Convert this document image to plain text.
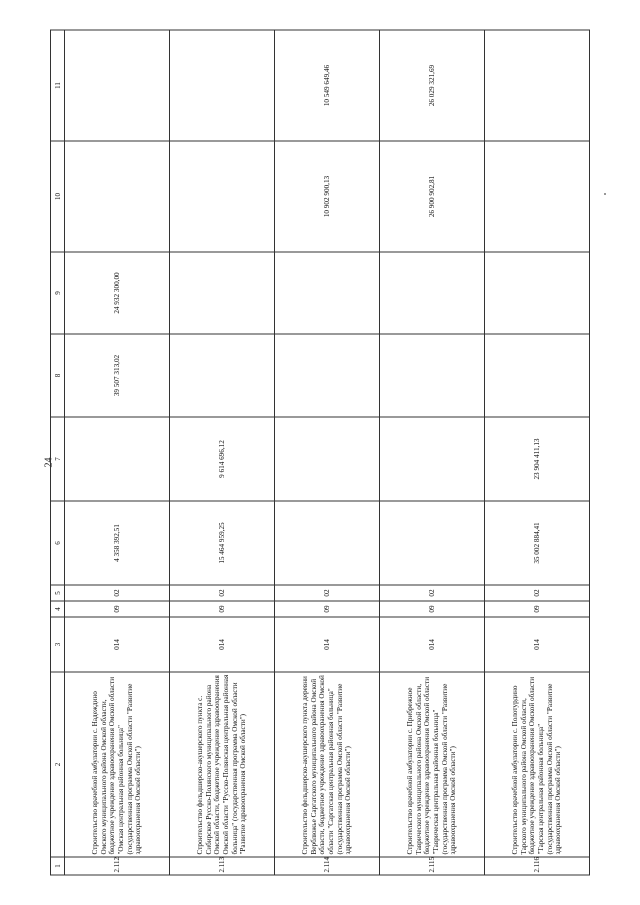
24
1	2	3	4	5	6	7	8	9	10	11
2.112	Строительство врачебной амбулатории с. Надеждино Омского муниципального района Омской области, бюджетное учреждение здравоохранения Омской области "Омская центральная районная больница" (государственная программа Омской области "Развитие здравоохранения Омской области")	014	09	02	4 358 392,51		39 507 313,02	24 932 300,00		
2.113	Строительство фельдшерско-акушерского пункта с. Сибирское Русско-Полянского муниципального района Омской области, бюджетное учреждение здравоохранения Омской области "Русско-Полянская центральная районная больница" (государственная программа Омской области "Развитие здравоохранения Омской области")	014	09	02	15 464 959,25	9 614 696,12				
2.114	Строительство фельдшерско-акушерского пункта деревни Верблюжье Саргатского муниципального района Омской области, бюджетное учреждение здравоохранения Омской области "Саргатская центральная районная больница" (государственная программа Омской области "Развитие здравоохранения Омской области")	014	09	02					10 902 900,13	10 549 649,46
2.115	Строительство врачебной амбулатории с. Прибрежное Таврического муниципального района Омской области, бюджетное учреждение здравоохранения Омской области "Таврическая центральная районная больница" (государственная программа Омской области "Развитие здравоохранения Омской области")	014	09	02					26 900 902,81	26 029 321,69
2.116	Строительство врачебной амбулатории с. Полотурдино Тарского муниципального района Омской области, бюджетное учреждение здравоохранения Омской области "Тарская центральная районная больница" (государственная программа Омской области "Развитие здравоохранения Омской области")	014	09	02	35 002 884,41	23 904 411,13				
